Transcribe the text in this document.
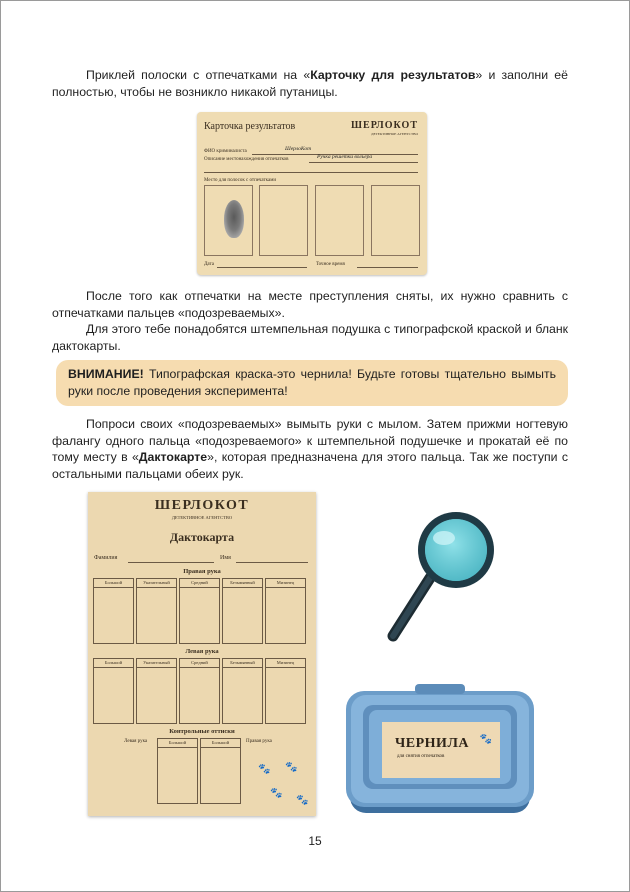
Приклей полоски с отпечатками на «Карточку для результатов» и заполни её полностью, чтобы не возникло никакой путаницы.
Карточка результатов	ШЕРЛОКОТ
ДЕТЕКТИВНОЕ АГЕНТСТВО
ФИО криминалиста	ШерлоКот
Описание местонахождения отпечатков	Ручка решетки вольера
Место для полосок с отпечатками
Дата	Точное время
После того как отпечатки на месте преступления сняты, их нужно сравнить с отпечатками пальцев «подозреваемых».
Для этого тебе понадобятся штемпельная подушка с типографской краской и бланк дактокарты.
ВНИМАНИЕ! Типографская краска-это чернила! Будьте готовы тщательно вымыть руки после проведения эксперимента!
Попроси своих «подозреваемых» вымыть руки с мылом. Затем прижми ногтевую фалангу одного пальца «подозреваемого» к штемпельной подушечке и прокатай её по тому месту в «Дактокарте», которая предназначена для этого пальца. Так же поступи с остальными пальцами обеих рук.
ШЕРЛОКОТ
ДЕТЕКТИВНОЕ АГЕНТСТВО
Дактокарта
Фамилия	Имя
Правая рука
Большой	Указательный	Средний	Безымянный	Мизинец
Левая рука
Большой	Указательный	Средний	Безымянный	Мизинец
Контрольные оттиски
Левая рука	Правая рука
Большой	Большой
🐾 🐾
🐾
🐾
ЧЕРНИЛА
для снятия отпечатков
🐾
15
